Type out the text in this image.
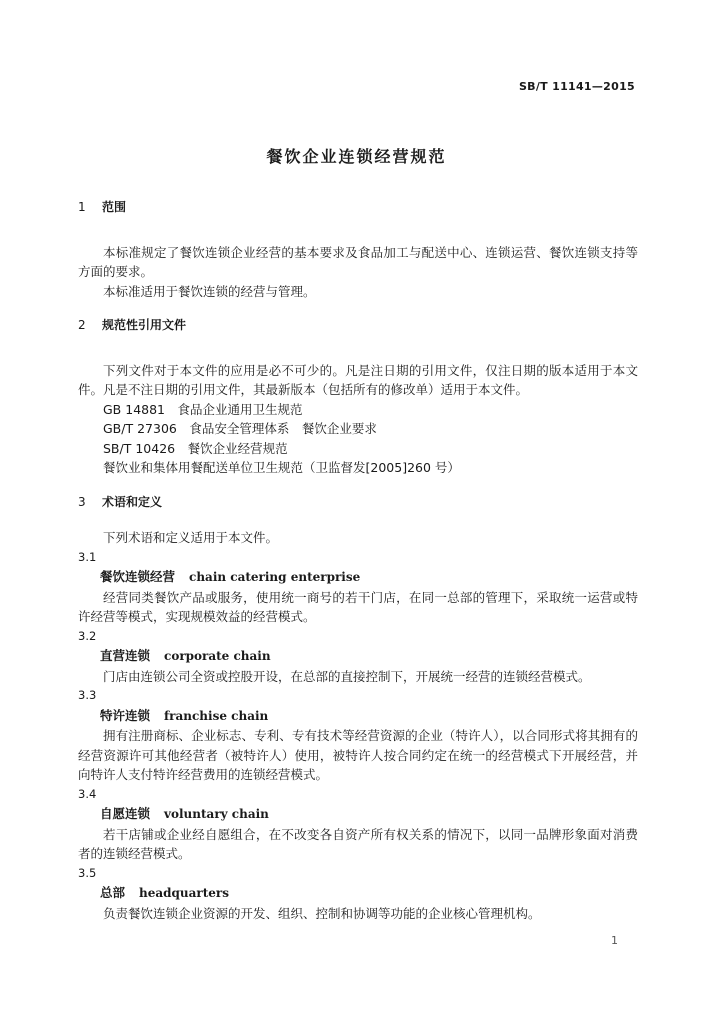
SB/T 11141—2015
餐饮企业连锁经营规范
1 范围
本标准规定了餐饮连锁企业经营的基本要求及食品加工与配送中心、连锁运营、餐饮连锁支持等方面的要求。
本标准适用于餐饮连锁的经营与管理。
2 规范性引用文件
下列文件对于本文件的应用是必不可少的。凡是注日期的引用文件，仅注日期的版本适用于本文件。凡是不注日期的引用文件，其最新版本（包括所有的修改单）适用于本文件。
GB 14881　食品企业通用卫生规范
GB/T 27306　食品安全管理体系　餐饮企业要求
SB/T 10426　餐饮企业经营规范
餐饮业和集体用餐配送单位卫生规范（卫监督发[2005]260 号）
3 术语和定义
下列术语和定义适用于本文件。
3.1
餐饮连锁经营 chain catering enterprise
经营同类餐饮产品或服务，使用统一商号的若干门店，在同一总部的管理下，采取统一运营或特许经营等模式，实现规模效益的经营模式。
3.2
直营连锁 corporate chain
门店由连锁公司全资或控股开设，在总部的直接控制下，开展统一经营的连锁经营模式。
3.3
特许连锁 franchise chain
拥有注册商标、企业标志、专利、专有技术等经营资源的企业（特许人），以合同形式将其拥有的经营资源许可其他经营者（被特许人）使用，被特许人按合同约定在统一的经营模式下开展经营，并向特许人支付特许经营费用的连锁经营模式。
3.4
自愿连锁 voluntary chain
若干店铺或企业经自愿组合，在不改变各自资产所有权关系的情况下，以同一品牌形象面对消费者的连锁经营模式。
3.5
总部 headquarters
负责餐饮连锁企业资源的开发、组织、控制和协调等功能的企业核心管理机构。
1
